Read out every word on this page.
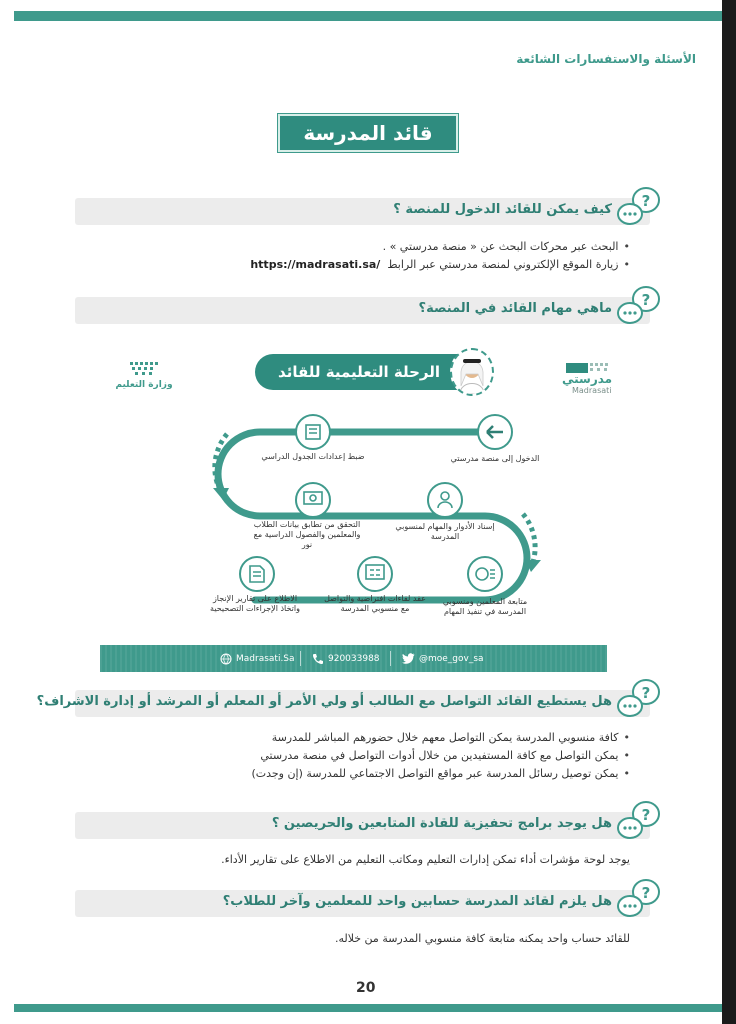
الأسئلة والاستفسارات الشائعة
قائد المدرسة
كيف يمكن للقائد الدخول للمنصة ؟ ?
• البحث عبر محركات البحث عن « منصة مدرستي » .
• زيارة الموقع الإلكتروني لمنصة مدرستي عبر الرابط  https://madrasati.sa/
ماهي مهام القائد في المنصة؟ ?
وزارة التعليم
الرحلة التعليمية للقائد	مدرستي
Madrasati
الدخول إلى منصة مدرستي
ضبط إعدادات الجدول الدراسي
إسناد الأدوار والمهام لمنسوبي المدرسة
التحقق من تطابق بيانات الطلاب والمعلمين والفصول الدراسية مع نور
متابعة المعلمين ومنسوبي المدرسة في تنفيذ المهام
عقد لقاءات افتراضية والتواصل مع منسوبي المدرسة
الاطلاع على تقارير الإنجاز واتخاذ الإجراءات التصحيحية
Madrasati.Sa	920033988	@moe_gov_sa
هل يستطيع القائد التواصل مع الطالب أو ولي الأمر أو المعلم أو المرشد أو إدارة الاشراف؟ ?
• كافة منسوبي المدرسة يمكن التواصل معهم خلال حضورهم المباشر للمدرسة
• يمكن التواصل مع كافة المستفيدين من خلال أدوات التواصل في منصة مدرستي
• يمكن توصيل رسائل المدرسة عبر مواقع التواصل الاجتماعي للمدرسة (إن وجدت)
هل يوجد برامج تحفيزية للقادة المتابعين والحريصين ؟ ?
يوجد لوحة مؤشرات أداء تمكن إدارات التعليم ومكاتب التعليم من الاطلاع على تقارير الأداء.
هل يلزم لقائد المدرسة حسابين واحد للمعلمين وآخر للطلاب؟ ?
للقائد حساب واحد يمكنه متابعة كافة منسوبي المدرسة من خلاله.
20
